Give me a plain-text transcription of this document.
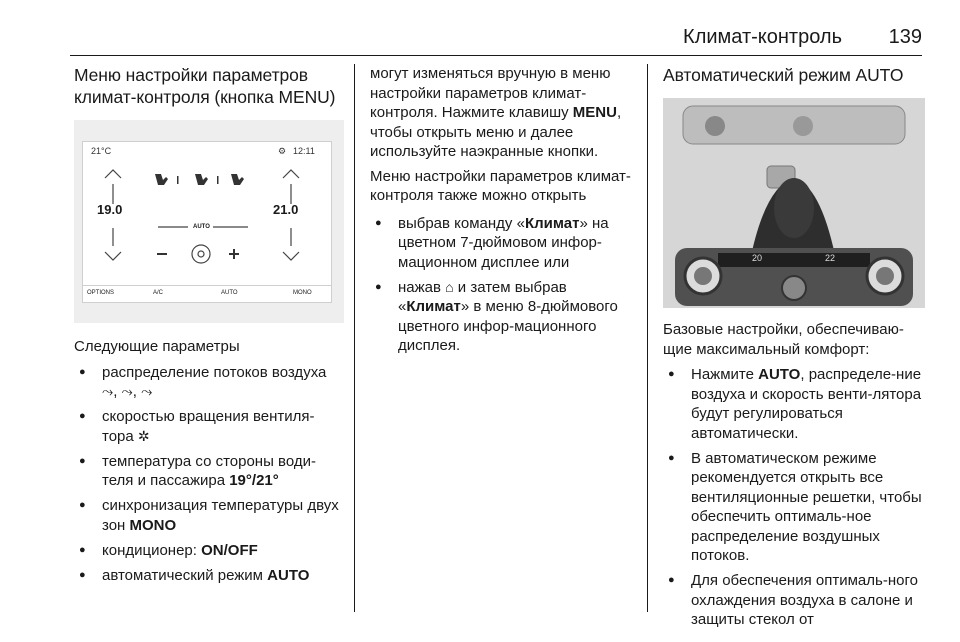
Климат-контроль 139
Меню настройки параметров климат-контроля (кнопка MENU)
21°C	⚙ 12:11
19.0	21.0
AUTO
OPTIONS	A/C	AUTO	MONO

Следующие параметры

● распределение потоков воздуха ⤳, ⤳, ⤳
● скоростью вращения вентиля-тора ✲
● температура со стороны води-теля и пассажира 19°/21°
● синхронизация температуры двух зон MONO
● кондиционер: ON/OFF
● автоматический режим AUTO

могут изменяться вручную в меню настройки параметров климат-контроля. Нажмите клавишу MENU, чтобы открыть меню и далее используйте наэкранные кнопки.

Меню настройки параметров климат-контроля также можно открыть

● выбрав команду «Климат» на цветном 7-дюймовом инфор-мационном дисплее или
● нажав ⌂ и затем выбрав «Климат» в меню 8-дюймового цветного инфор-мационного дисплея.
Автоматический режим AUTO
20	22

Базовые настройки, обеспечиваю-щие максимальный комфорт:

● Нажмите AUTO, распределе-ние воздуха и скорость венти-лятора будут регулироваться автоматически.
● В автоматическом режиме рекомендуется открыть все вентиляционные решетки, чтобы обеспечить оптималь-ное распределение воздушных потоков.
● Для обеспечения оптималь-ного охлаждения воздуха в салоне и защиты стекол от
